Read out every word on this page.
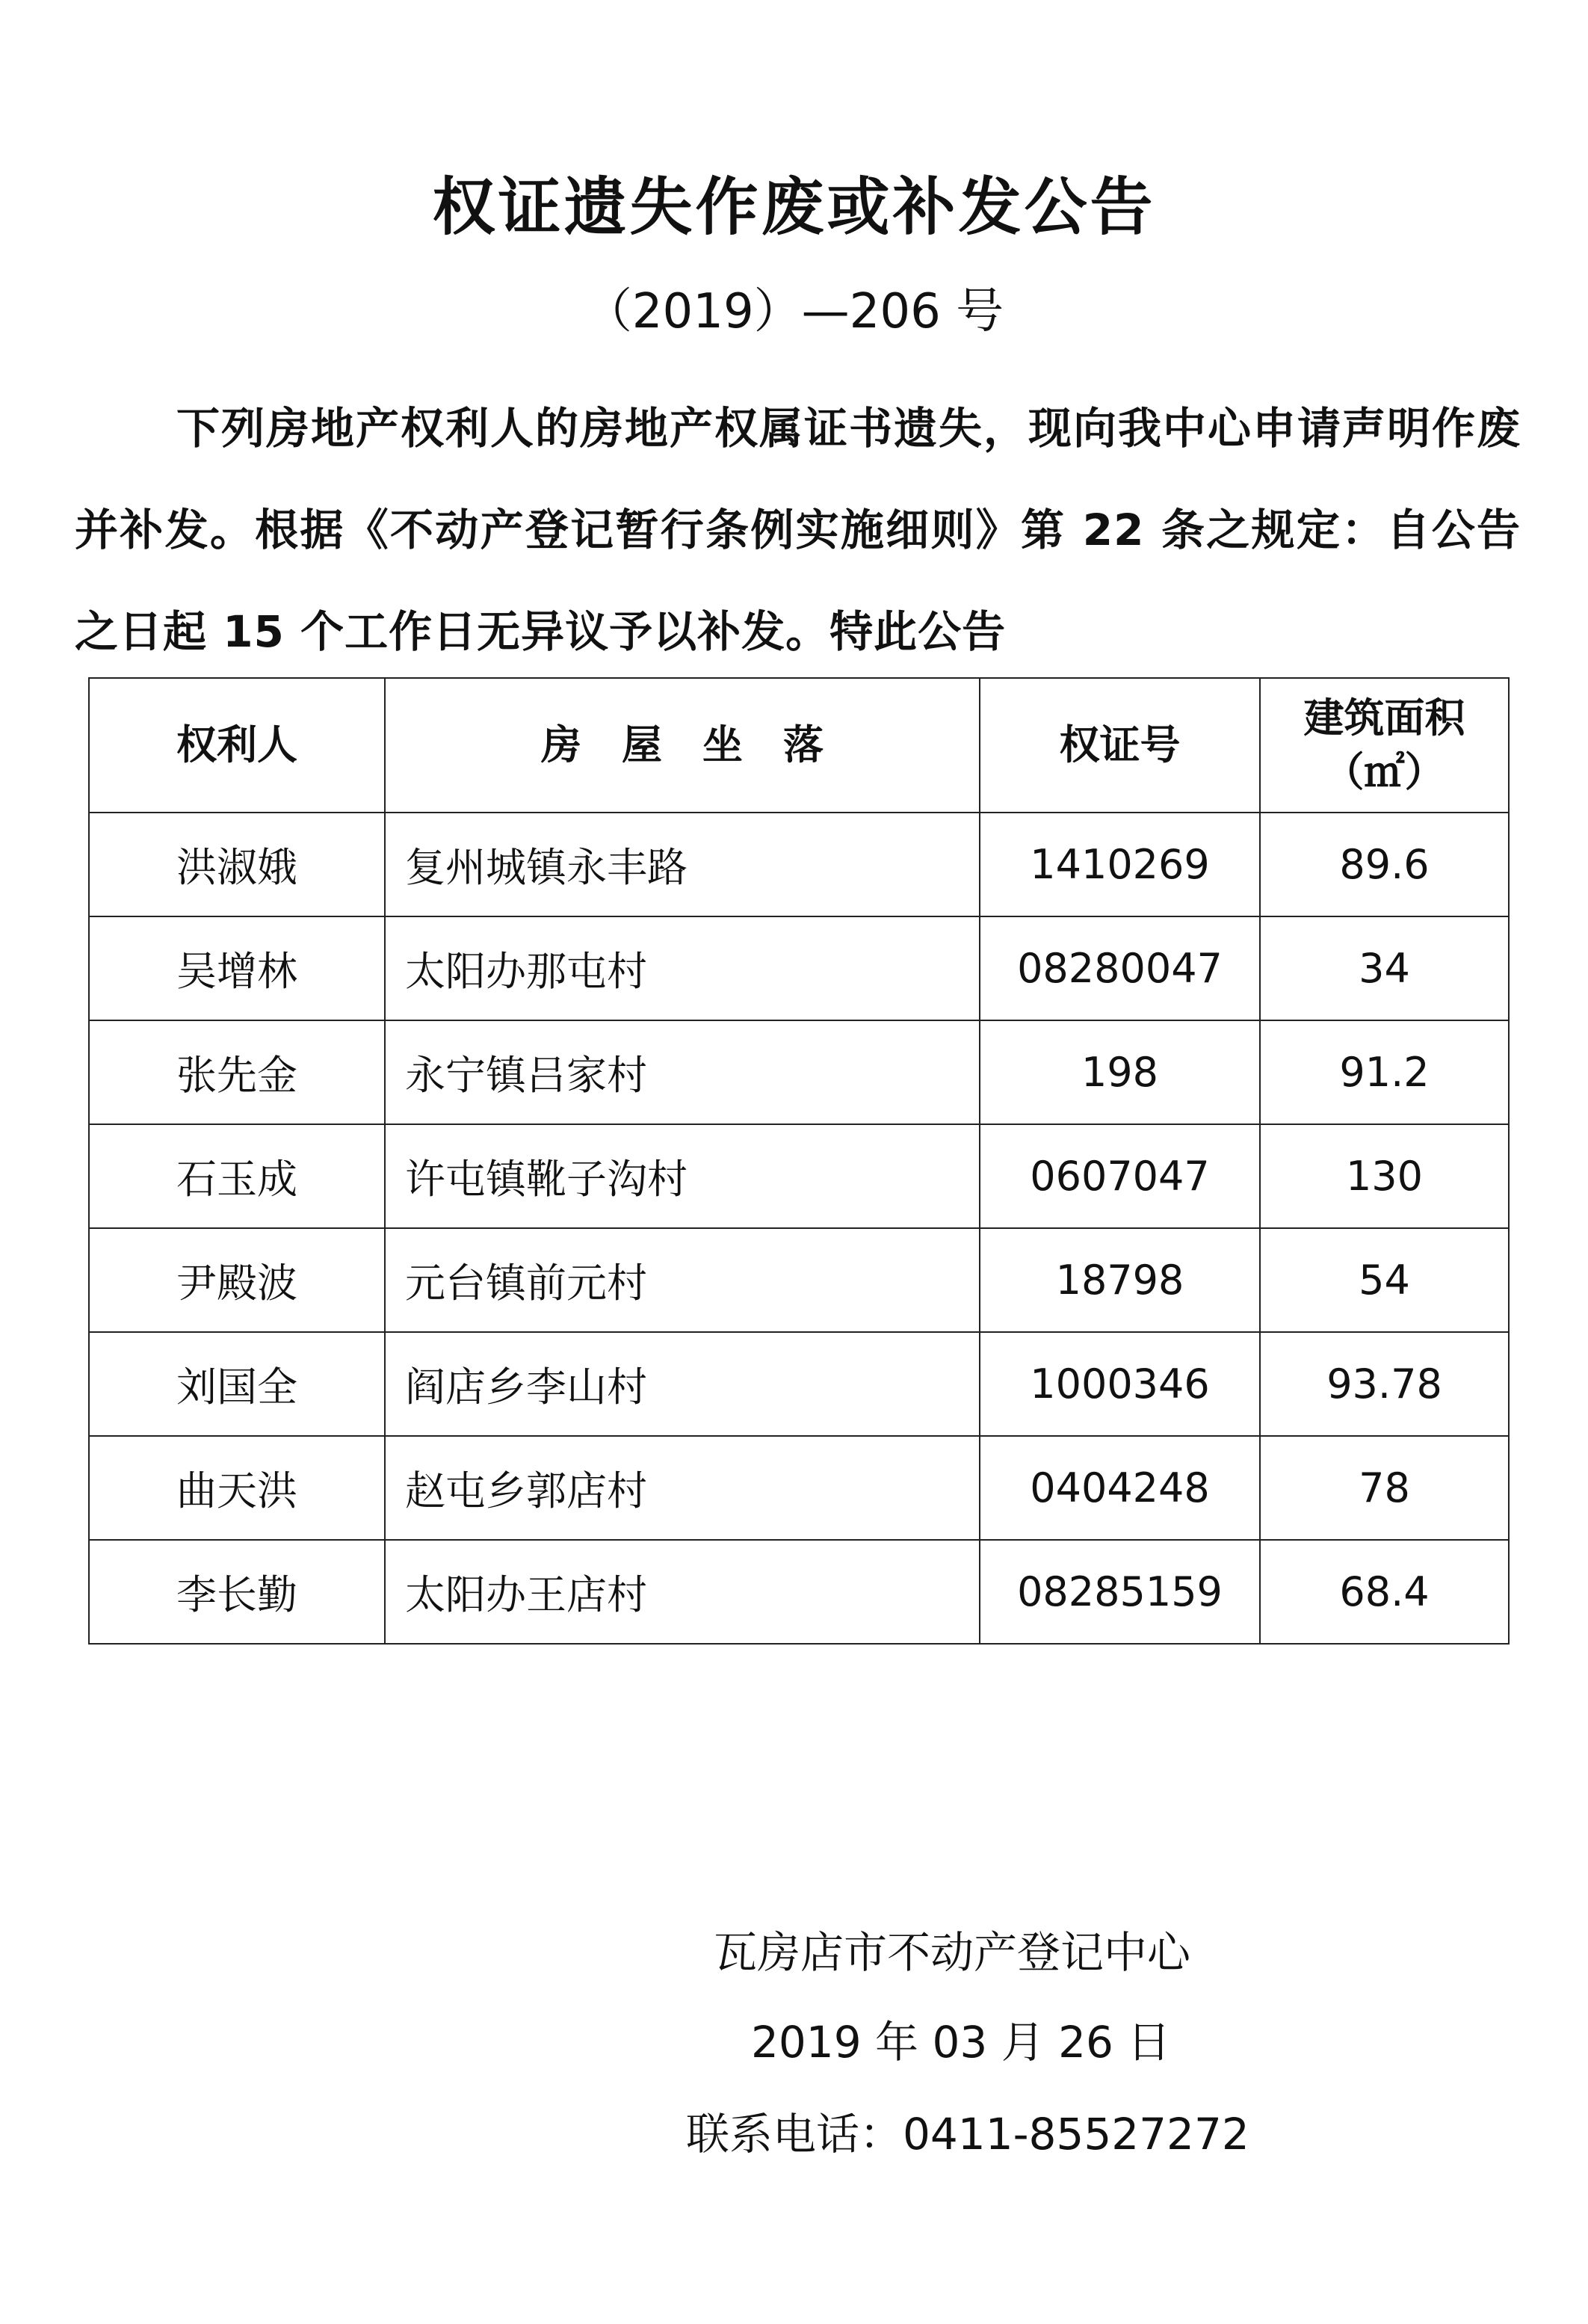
权证遗失作废或补发公告
（2019）—206 号

下列房地产权利人的房地产权属证书遗失，现向我中心申请声明作废并补发。根据《不动产登记暂行条例实施细则》第 22 条之规定：自公告之日起 15 个工作日无异议予以补发。特此公告

权利人	房　屋　坐　落	权证号	建筑面积
（㎡）

洪淑娥	复州城镇永丰路	1410269	89.6
吴增林	太阳办那屯村	08280047	34
张先金	永宁镇吕家村	198	91.2
石玉成	许屯镇靴子沟村	0607047	130
尹殿波	元台镇前元村	18798	54
刘国全	阎店乡李山村	1000346	93.78
曲天洪	赵屯乡郭店村	0404248	78
李长勤	太阳办王店村	08285159	68.4
瓦房店市不动产登记中心
2019 年 03 月 26 日
联系电话：0411-85527272
